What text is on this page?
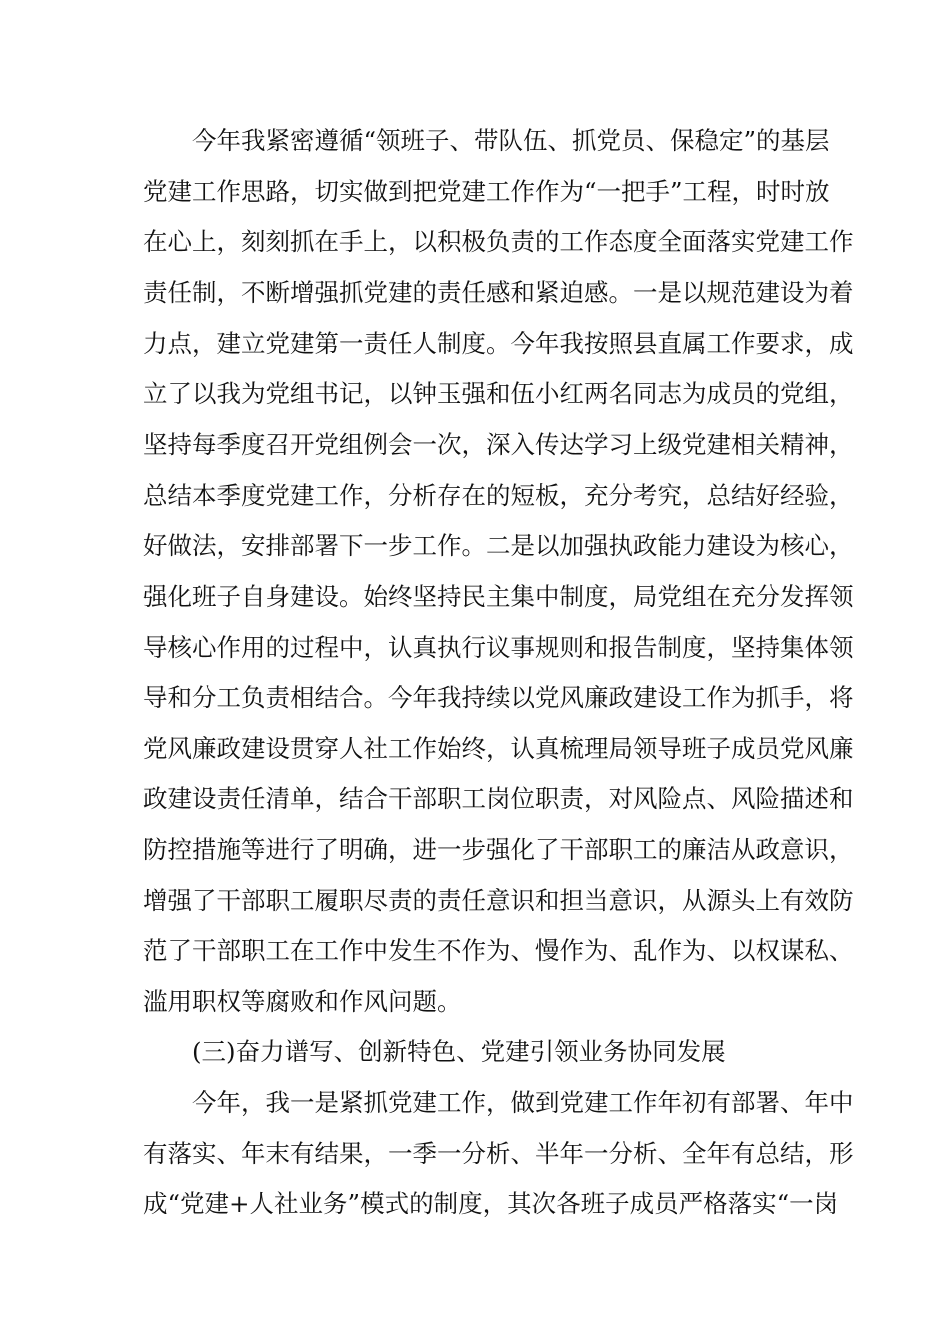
今年我紧密遵循“领班子、带队伍、抓党员、保稳定”的基层
党建工作思路，切实做到把党建工作作为“一把手”工程，时时放
在心上，刻刻抓在手上，以积极负责的工作态度全面落实党建工作
责任制，不断增强抓党建的责任感和紧迫感。一是以规范建设为着
力点，建立党建第一责任人制度。今年我按照县直属工作要求，成
立了以我为党组书记，以钟玉强和伍小红两名同志为成员的党组，
坚持每季度召开党组例会一次，深入传达学习上级党建相关精神，
总结本季度党建工作，分析存在的短板，充分考究，总结好经验，
好做法，安排部署下一步工作。二是以加强执政能力建设为核心，
强化班子自身建设。始终坚持民主集中制度，局党组在充分发挥领
导核心作用的过程中，认真执行议事规则和报告制度，坚持集体领
导和分工负责相结合。今年我持续以党风廉政建设工作为抓手，将
党风廉政建设贯穿人社工作始终，认真梳理局领导班子成员党风廉
政建设责任清单，结合干部职工岗位职责，对风险点、风险描述和
防控措施等进行了明确，进一步强化了干部职工的廉洁从政意识，
增强了干部职工履职尽责的责任意识和担当意识，从源头上有效防
范了干部职工在工作中发生不作为、慢作为、乱作为、以权谋私、
滥用职权等腐败和作风问题。
(三)奋力谱写、创新特色、党建引领业务协同发展
今年，我一是紧抓党建工作，做到党建工作年初有部署、年中
有落实、年末有结果，一季一分析、半年一分析、全年有总结，形
成“党建+人社业务”模式的制度，其次各班子成员严格落实“一岗
